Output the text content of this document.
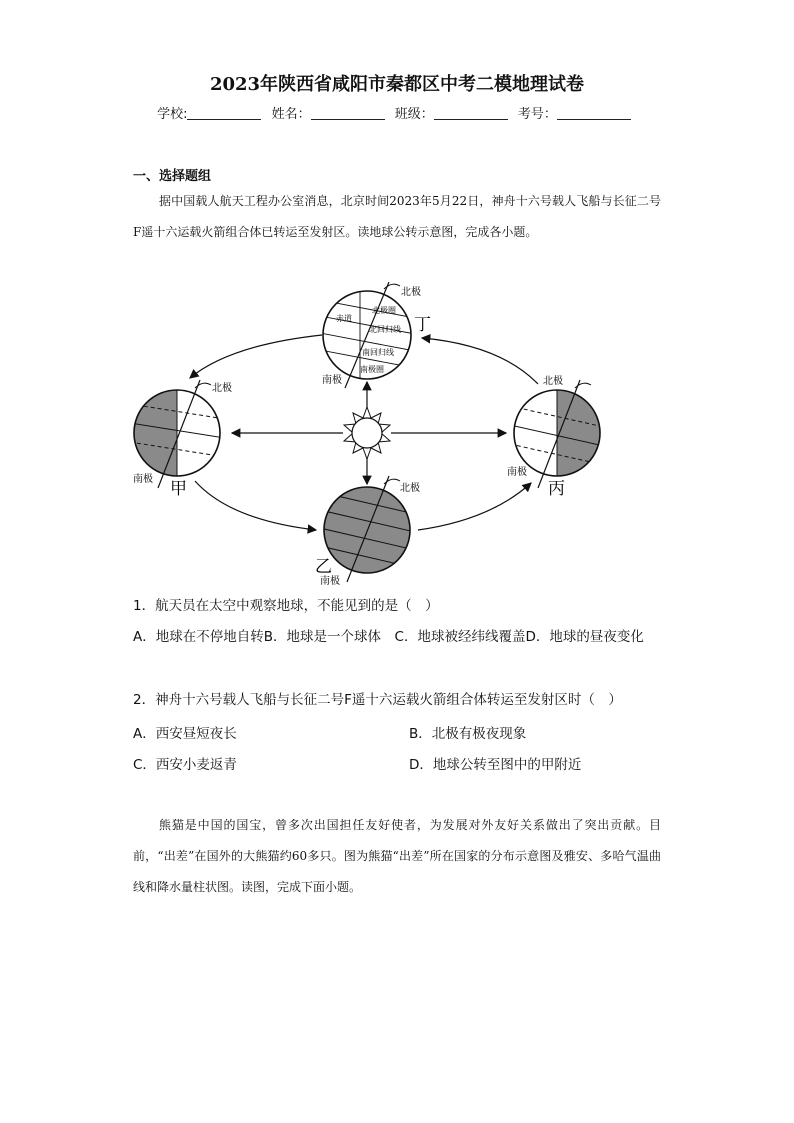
2023年陕西省咸阳市秦都区中考二模地理试卷
学校:	姓名：	班级：	考号：
一、选择题组
据中国载人航天工程办公室消息，北京时间2023年5月22日，神舟十六号载人飞船与长征二号F遥十六运载火箭组合体已转运至发射区。读地球公转示意图，完成各小题。
北极
南极 甲
北极
南极
丙
北极
南极
丁
北极圈
赤道
北回归线
南回归线
南极圈
北极
南极
乙
1．航天员在太空中观察地球，不能见到的是（　）
A．地球在不停地自转B．地球是一个球体　 C．地球被经纬线覆盖D．地球的昼夜变化
2．神舟十六号载人飞船与长征二号F遥十六运载火箭组合体转运至发射区时（　）
A．西安昼短夜长	B．北极有极夜现象
C．西安小麦返青	D．地球公转至图中的甲附近
熊猫是中国的国宝，曾多次出国担任友好使者，为发展对外友好关系做出了突出贡献。目前，“出差”在国外的大熊猫约60多只。图为熊猫“出差”所在国家的分布示意图及雅安、多哈气温曲线和降水量柱状图。读图，完成下面小题。
